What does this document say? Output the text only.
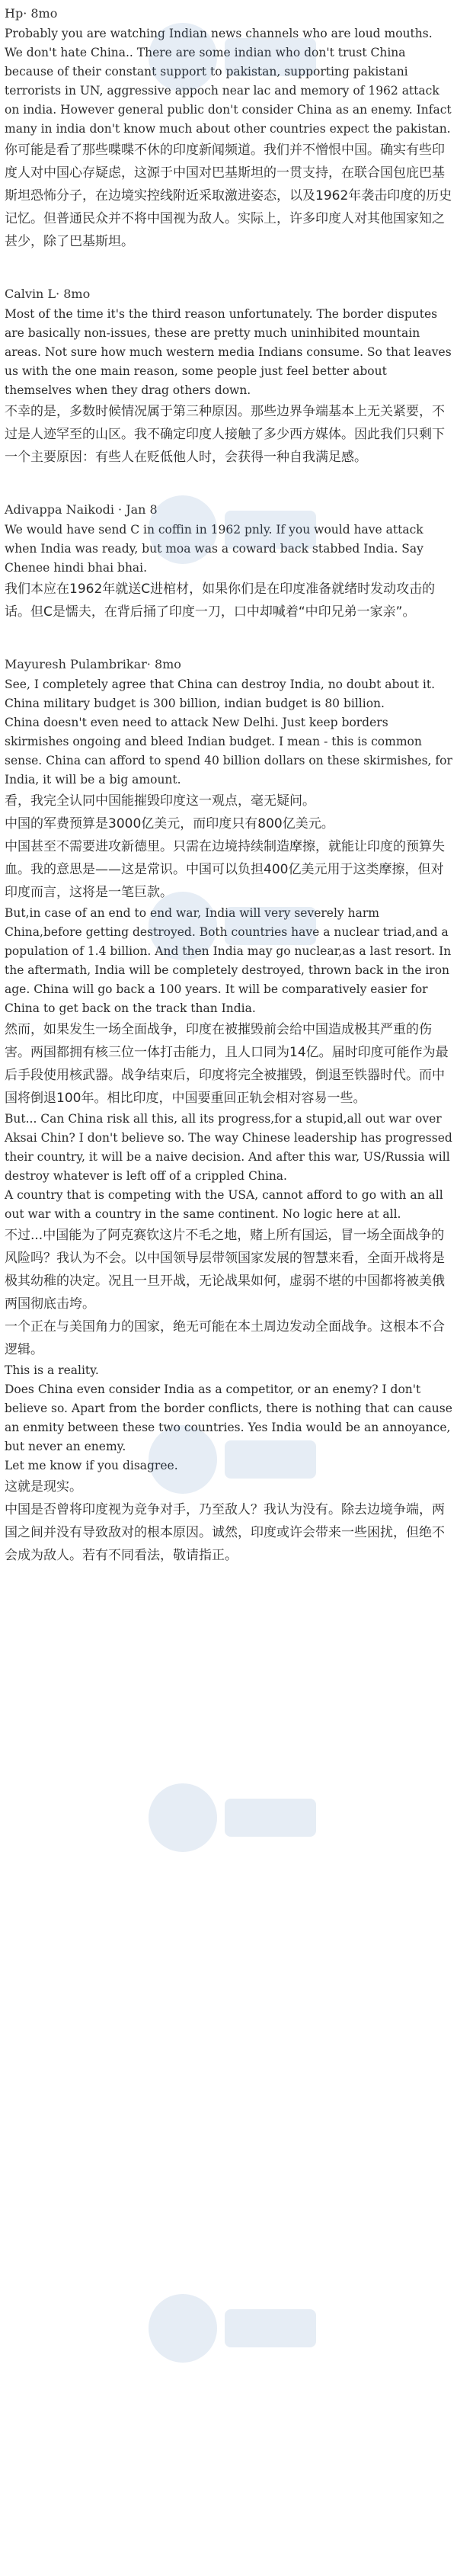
Hp· 8mo

Probably you are watching Indian news channels who are loud mouths. We don't hate China.. There are some indian who don't trust China because of their constant support to pakistan, supporting pakistani terrorists in UN, aggressive appoch near lac and memory of 1962 attack on india. However general public don't consider China as an enemy. Infact many in india don't know much about other countries expect the pakistan.

你可能是看了那些喋喋不休的印度新闻频道。我们并不憎恨中国。确实有些印度人对中国心存疑虑，这源于中国对巴基斯坦的一贯支持，在联合国包庇巴基斯坦恐怖分子，在边境实控线附近采取激进姿态，以及1962年袭击印度的历史记忆。但普通民众并不将中国视为敌人。实际上，许多印度人对其他国家知之甚少，除了巴基斯坦。

Calvin L· 8mo

Most of the time it's the third reason unfortunately. The border disputes are basically non-issues, these are pretty much uninhibited mountain areas. Not sure how much western media Indians consume. So that leaves us with the one main reason, some people just feel better about themselves when they drag others down.

不幸的是，多数时候情况属于第三种原因。那些边界争端基本上无关紧要，不过是人迹罕至的山区。我不确定印度人接触了多少西方媒体。因此我们只剩下一个主要原因：有些人在贬低他人时，会获得一种自我满足感。

Adivappa Naikodi · Jan 8

We would have send C in coffin in 1962 pnly. If you would have attack when India was ready, but moa was a coward back stabbed India. Say Chenee hindi bhai bhai.

我们本应在1962年就送C进棺材，如果你们是在印度准备就绪时发动攻击的话。但C是懦夫，在背后捅了印度一刀，口中却喊着“中印兄弟一家亲”。

Mayuresh Pulambrikar· 8mo

See, I completely agree that China can destroy India, no doubt about it.

China military budget is 300 billion, indian budget is 80 billion.

China doesn't even need to attack New Delhi. Just keep borders skirmishes ongoing and bleed Indian budget. I mean - this is common sense. China can afford to spend 40 billion dollars on these skirmishes, for India, it will be a big amount.

看，我完全认同中国能摧毁印度这一观点，毫无疑问。

中国的军费预算是3000亿美元，而印度只有800亿美元。

中国甚至不需要进攻新德里。只需在边境持续制造摩擦，就能让印度的预算失血。我的意思是——这是常识。中国可以负担400亿美元用于这类摩擦，但对印度而言，这将是一笔巨款。

But,in case of an end to end war, India will very severely harm China,before getting destroyed. Both countries have a nuclear triad,and a population of 1.4 billion. And then India may go nuclear,as a last resort. In the aftermath, India will be completely destroyed, thrown back in the iron age. China will go back a 100 years. It will be comparatively easier for China to get back on the track than India.

然而，如果发生一场全面战争，印度在被摧毁前会给中国造成极其严重的伤害。两国都拥有核三位一体打击能力，且人口同为14亿。届时印度可能作为最后手段使用核武器。战争结束后，印度将完全被摧毁，倒退至铁器时代。而中国将倒退100年。相比印度，中国要重回正轨会相对容易一些。

But... Can China risk all this, all its progress,for a stupid,all out war over Aksai Chin? I don't believe so. The way Chinese leadership has progressed their country, it will be a naive decision. And after this war, US/Russia will destroy whatever is left off of a crippled China.

A country that is competing with the USA, cannot afford to go with an all out war with a country in the same continent. No logic here at all.

不过...中国能为了阿克赛钦这片不毛之地，赌上所有国运，冒一场全面战争的风险吗？我认为不会。以中国领导层带领国家发展的智慧来看，全面开战将是极其幼稚的决定。况且一旦开战，无论战果如何，虚弱不堪的中国都将被美俄两国彻底击垮。

一个正在与美国角力的国家，绝无可能在本土周边发动全面战争。这根本不合逻辑。

This is a reality.

Does China even consider India as a competitor, or an enemy? I don't believe so. Apart from the border conflicts, there is nothing that can cause an enmity between these two countries. Yes India would be an annoyance, but never an enemy.

Let me know if you disagree.

这就是现实。

中国是否曾将印度视为竞争对手，乃至敌人？我认为没有。除去边境争端，两国之间并没有导致敌对的根本原因。诚然，印度或许会带来一些困扰，但绝不会成为敌人。若有不同看法，敬请指正。
